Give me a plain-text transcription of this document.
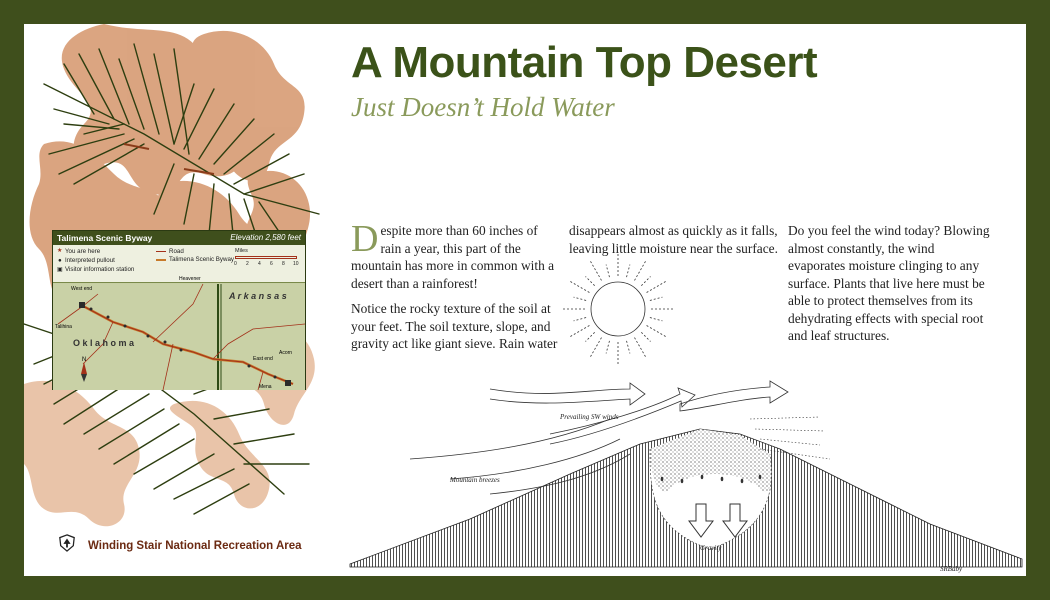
Talimena Scenic Byway	Elevation 2,580 feet
★ You are here
● Interpreted pullout
▣ Visitor information station
Road
Talimena Scenic Byway
Miles
0 2 4 6 8 10
West end
Talihina
Heavener
East end
Acorn
Mena
O k l a h o m a
A r k a n s a s
N
A Mountain Top Desert
Just Doesn’t Hold Water

Despite more than 60 inches of rain a year, this part of the mountain has more in common with a desert than a rainforest!

Notice the rocky texture of the soil at your feet. The soil texture, slope, and gravity act like giant sieve. Rain water

disappears almost as quickly as it falls, leaving little moisture near the surface.

Do you feel the wind today? Blowing almost constantly, the wind evaporates moisture clinging to any surface. Plants that live here must be able to protect themselves from its dehydrating effects with special root and leaf structures.

Prevailing SW winds
Mountain breezes
Gravity
SRBaby
Winding Stair National Recreation Area
